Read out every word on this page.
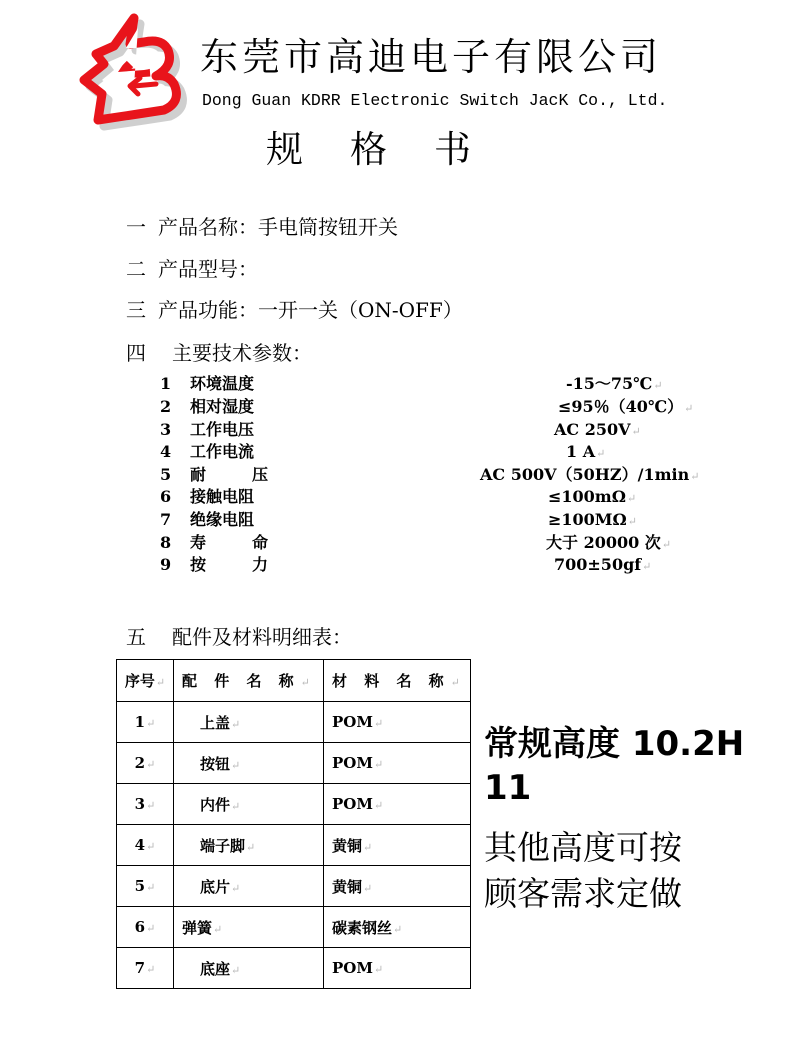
东莞市高迪电子有限公司
Dong Guan KDRR Electronic Switch JacK Co., Ltd.
规格书
一 产品名称：手电筒按钮开关
二 产品型号：
三 产品功能：一开一关（ON-OFF）
四 主要技术参数：
1	环境温度	-15～75℃↵
2	相对湿度	≤95％（40℃）↵
3	工作电压	AC 250V↵
4	工作电流	1 A↵
5	耐	压	AC 500V（50HZ）/1min↵
6	接触电阻	≤100mΩ↵
7	绝缘电阻	≥100MΩ↵
8	寿	命	大于 20000 次↵
9	按	力	700±50gf↵
五 配件及材料明细表：
序号↵	配 件 名 称↵	材 料 名 称↵

1↵	上盖↵	POM↵

2↵	按钮↵	POM↵

3↵	内件↵	POM↵

4↵	端子脚↵	黄铜↵

5↵	底片↵	黄铜↵

6↵	弹簧↵	碳素钢丝↵

7↵	底座↵	POM↵
常规高度 10.2H
11
其他高度可按
顾客需求定做
